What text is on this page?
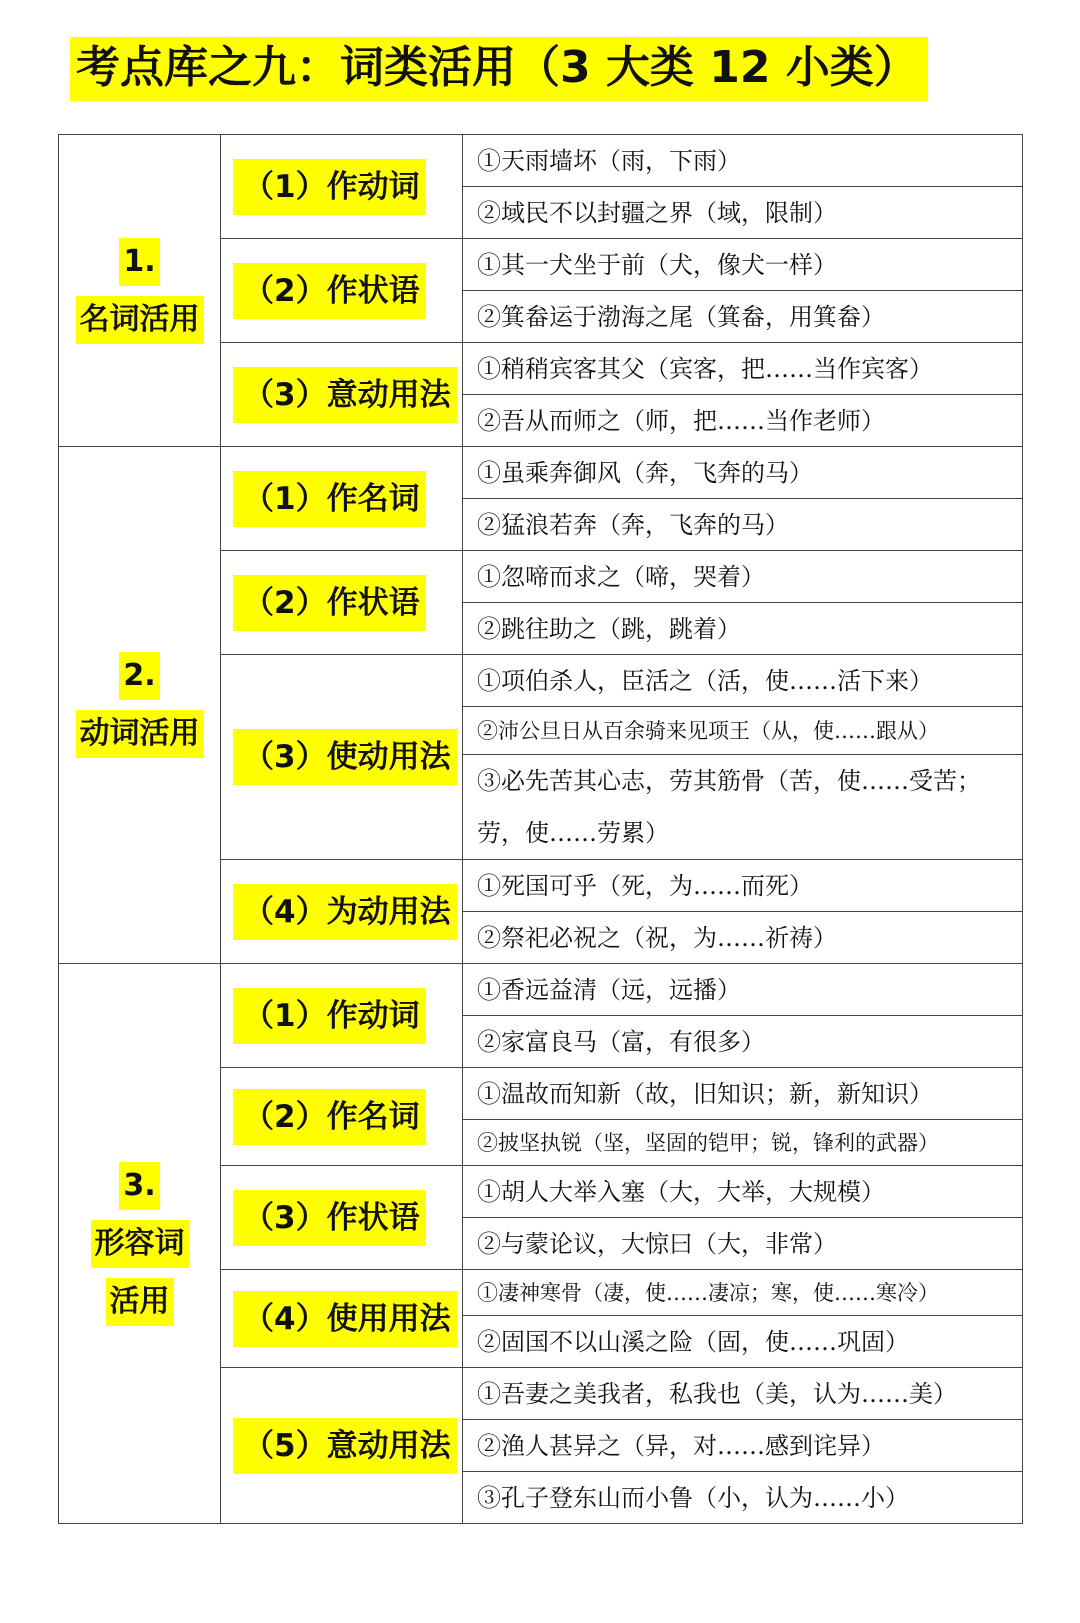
考点库之九：词类活用（3 大类 12 小类）
1.
名词活用	（1）作动词	①天雨墙坏（雨，下雨）
		②域民不以封疆之界（域，限制）
	（2）作状语	①其一犬坐于前（犬，像犬一样）
		②箕畚运于渤海之尾（箕畚，用箕畚）
	（3）意动用法	①稍稍宾客其父（宾客，把……当作宾客）
		②吾从而师之（师，把……当作老师）

2.
动词活用	（1）作名词	①虽乘奔御风（奔，飞奔的马）
		②猛浪若奔（奔，飞奔的马）
	（2）作状语	①忽啼而求之（啼，哭着）
		②跳往助之（跳，跳着）
	（3）使动用法	①项伯杀人，臣活之（活，使……活下来）
		②沛公旦日从百余骑来见项王（从，使……跟从）
		③必先苦其心志，劳其筋骨（苦，使……受苦；劳，使……劳累）
	（4）为动用法	①死国可乎（死，为……而死）
		②祭祀必祝之（祝，为……祈祷）

3.
形容词
活用	（1）作动词	①香远益清（远，远播）
		②家富良马（富，有很多）
	（2）作名词	①温故而知新（故，旧知识；新，新知识）
		②披坚执锐（坚，坚固的铠甲；锐，锋利的武器）
	（3）作状语	①胡人大举入塞（大，大举，大规模）
		②与蒙论议，大惊曰（大，非常）
	（4）使用用法	①凄神寒骨（凄，使……凄凉；寒，使……寒冷）
		②固国不以山溪之险（固，使……巩固）
	（5）意动用法	①吾妻之美我者，私我也（美，认为……美）
		②渔人甚异之（异，对……感到诧异）
		③孔子登东山而小鲁（小，认为……小）
